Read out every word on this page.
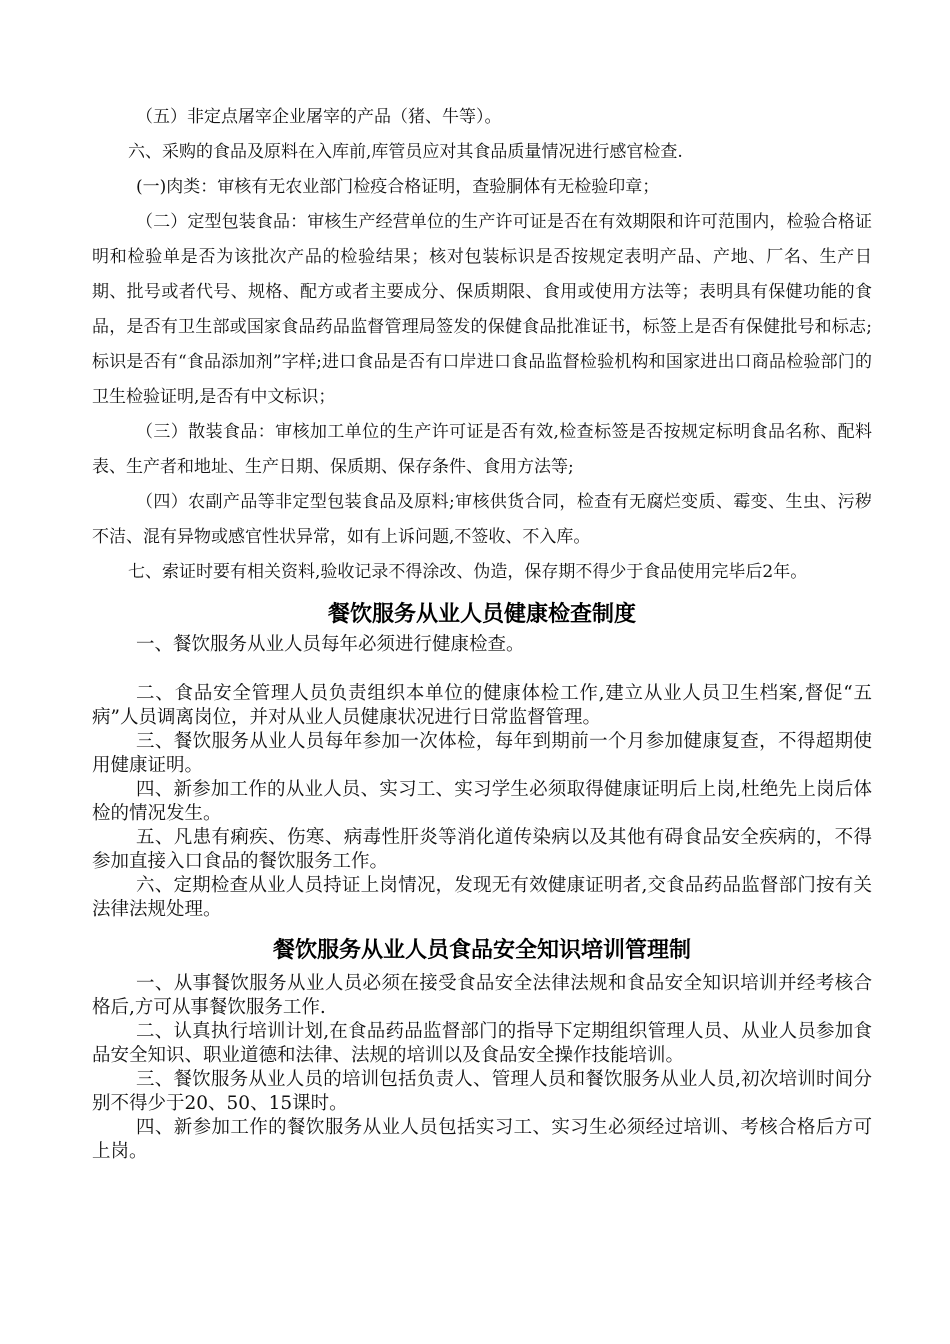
（五）非定点屠宰企业屠宰的产品（猪、牛等）。

六、采购的食品及原料在入库前,库管员应对其食品质量情况进行感官检查.

(一)肉类：审核有无农业部门检疫合格证明，查验胴体有无检验印章；

（二）定型包装食品：审核生产经营单位的生产许可证是否在有效期限和许可范围内，检验合格证明和检验单是否为该批次产品的检验结果；核对包装标识是否按规定表明产品、产地、厂名、生产日期、批号或者代号、规格、配方或者主要成分、保质期限、食用或使用方法等；表明具有保健功能的食品，是否有卫生部或国家食品药品监督管理局签发的保健食品批准证书，标签上是否有保健批号和标志;标识是否有“食品添加剂”字样;进口食品是否有口岸进口食品监督检验机构和国家进出口商品检验部门的卫生检验证明,是否有中文标识；

（三）散装食品：审核加工单位的生产许可证是否有效,检查标签是否按规定标明食品名称、配料表、生产者和地址、生产日期、保质期、保存条件、食用方法等;

（四）农副产品等非定型包装食品及原料;审核供货合同，检查有无腐烂变质、霉变、生虫、污秽不洁、混有异物或感官性状异常，如有上诉问题,不签收、不入库。

七、索证时要有相关资料,验收记录不得涂改、伪造，保存期不得少于食品使用完毕后2年。

餐饮服务从业人员健康检查制度

一、餐饮服务从业人员每年必须进行健康检查。

二、食品安全管理人员负责组织本单位的健康体检工作,建立从业人员卫生档案,督促“五病”人员调离岗位，并对从业人员健康状况进行日常监督管理。

三、餐饮服务从业人员每年参加一次体检，每年到期前一个月参加健康复查，不得超期使用健康证明。

四、新参加工作的从业人员、实习工、实习学生必须取得健康证明后上岗,杜绝先上岗后体检的情况发生。

五、凡患有痢疾、伤寒、病毒性肝炎等消化道传染病以及其他有碍食品安全疾病的，不得参加直接入口食品的餐饮服务工作。

六、定期检查从业人员持证上岗情况，发现无有效健康证明者,交食品药品监督部门按有关法律法规处理。

餐饮服务从业人员食品安全知识培训管理制

一、从事餐饮服务从业人员必须在接受食品安全法律法规和食品安全知识培训并经考核合格后,方可从事餐饮服务工作.

二、认真执行培训计划,在食品药品监督部门的指导下定期组织管理人员、从业人员参加食品安全知识、职业道德和法律、法规的培训以及食品安全操作技能培训。

三、餐饮服务从业人员的培训包括负责人、管理人员和餐饮服务从业人员,初次培训时间分别不得少于20、50、15课时。

四、新参加工作的餐饮服务从业人员包括实习工、实习生必须经过培训、考核合格后方可上岗。
